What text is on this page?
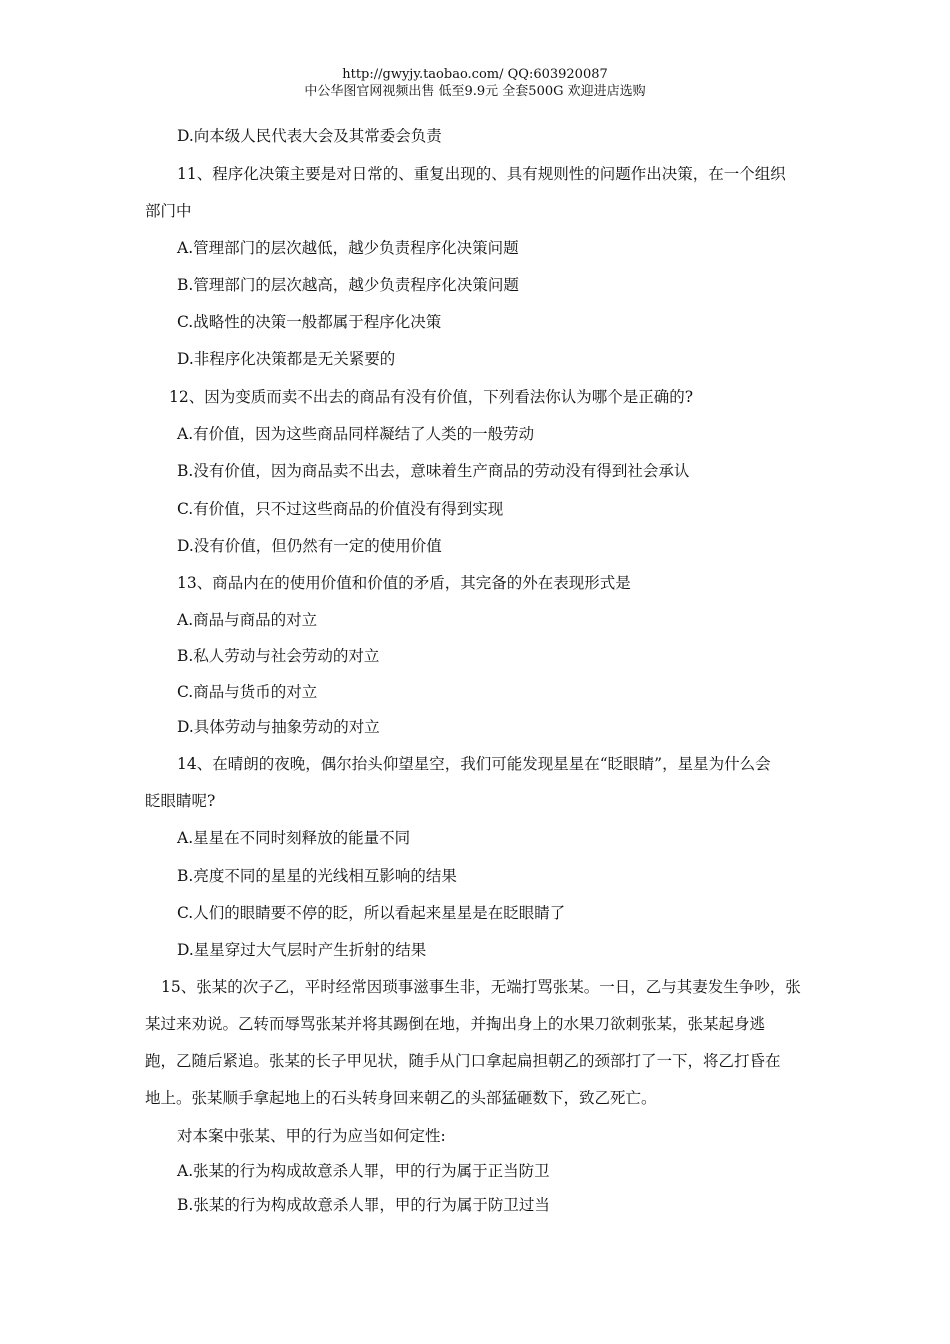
http://gwyjy.taobao.com/ QQ:603920087
中公华图官网视频出售 低至9.9元 全套500G 欢迎进店选购
D.向本级人民代表大会及其常委会负责
11、程序化决策主要是对日常的、重复出现的、具有规则性的问题作出决策，在一个组织
部门中
A.管理部门的层次越低，越少负责程序化决策问题
B.管理部门的层次越高，越少负责程序化决策问题
C.战略性的决策一般都属于程序化决策
D.非程序化决策都是无关紧要的
12、因为变质而卖不出去的商品有没有价值，下列看法你认为哪个是正确的?
A.有价值，因为这些商品同样凝结了人类的一般劳动
B.没有价值，因为商品卖不出去，意味着生产商品的劳动没有得到社会承认
C.有价值，只不过这些商品的价值没有得到实现
D.没有价值，但仍然有一定的使用价值
13、商品内在的使用价值和价值的矛盾，其完备的外在表现形式是
A.商品与商品的对立
B.私人劳动与社会劳动的对立
C.商品与货币的对立
D.具体劳动与抽象劳动的对立
14、在晴朗的夜晚，偶尔抬头仰望星空，我们可能发现星星在“眨眼睛”，星星为什么会
眨眼睛呢?
A.星星在不同时刻释放的能量不同
B.亮度不同的星星的光线相互影响的结果
C.人们的眼睛要不停的眨，所以看起来星星是在眨眼睛了
D.星星穿过大气层时产生折射的结果
15、张某的次子乙，平时经常因琐事滋事生非，无端打骂张某。一日，乙与其妻发生争吵，张
某过来劝说。乙转而辱骂张某并将其踢倒在地，并掏出身上的水果刀欲刺张某，张某起身逃
跑，乙随后紧追。张某的长子甲见状，随手从门口拿起扁担朝乙的颈部打了一下，将乙打昏在
地上。张某顺手拿起地上的石头转身回来朝乙的头部猛砸数下，致乙死亡。
对本案中张某、甲的行为应当如何定性:
A.张某的行为构成故意杀人罪，甲的行为属于正当防卫
B.张某的行为构成故意杀人罪，甲的行为属于防卫过当
